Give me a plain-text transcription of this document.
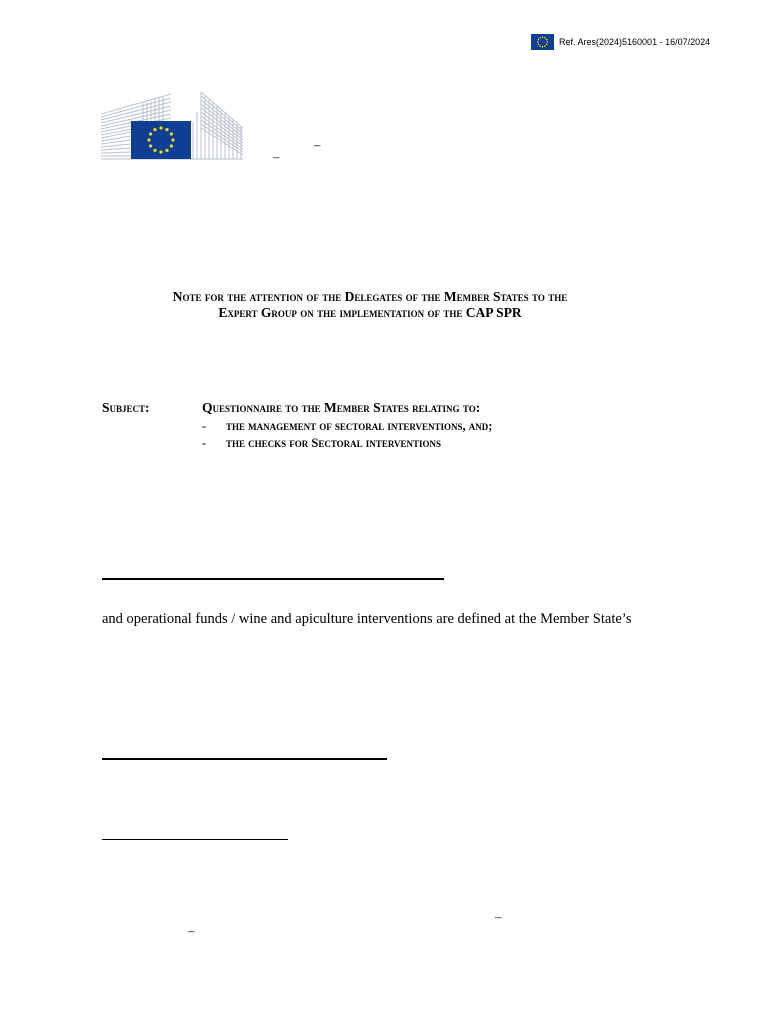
Ref. Ares(2024)5160001 - 16/07/2024
–
–
Note for the attention of the Delegates of the Member States to the
Expert Group on the implementation of the CAP SPR
Subject:	Questionnaire to the Member States relating to:
-	the management of sectoral interventions, and;
-	the checks for Sectoral interventions
and operational funds / wine and apiculture interventions are defined at the Member State’s
–
–
